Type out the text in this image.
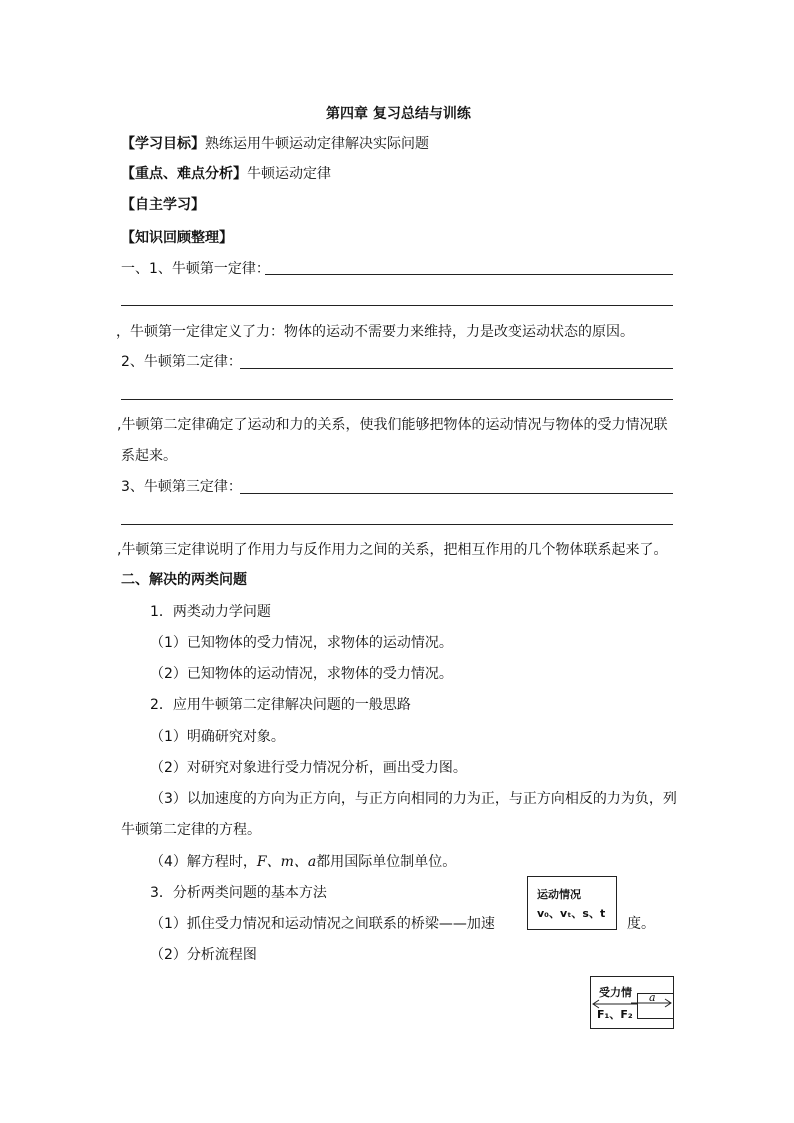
第四章 复习总结与训练
【学习目标】熟练运用牛顿运动定律解决实际问题
【重点、难点分析】牛顿运动定律
【自主学习】
【知识回顾整理】
一、1、牛顿第一定律：
，牛顿第一定律定义了力：物体的运动不需要力来维持，力是改变运动状态的原因。
2、牛顿第二定律：
,牛顿第二定律确定了运动和力的关系，使我们能够把物体的运动情况与物体的受力情况联
系起来。
3、牛顿第三定律：
,牛顿第三定律说明了作用力与反作用力之间的关系，把相互作用的几个物体联系起来了。
二、解决的两类问题
1．两类动力学问题
（1）已知物体的受力情况，求物体的运动情况。
（2）已知物体的运动情况，求物体的受力情况。
2．应用牛顿第二定律解决问题的一般思路
（1）明确研究对象。
（2）对研究对象进行受力情况分析，画出受力图。
（3）以加速度的方向为正方向，与正方向相同的力为正，与正方向相反的力为负，列
牛顿第二定律的方程。
（4）解方程时，F、m、a都用国际单位制单位。
3．分析两类问题的基本方法
（1）抓住受力情况和运动情况之间联系的桥梁——加速	度。
（2）分析流程图
运动情况
v₀、vₜ、s、t
受力情
F₁、F₂
a
